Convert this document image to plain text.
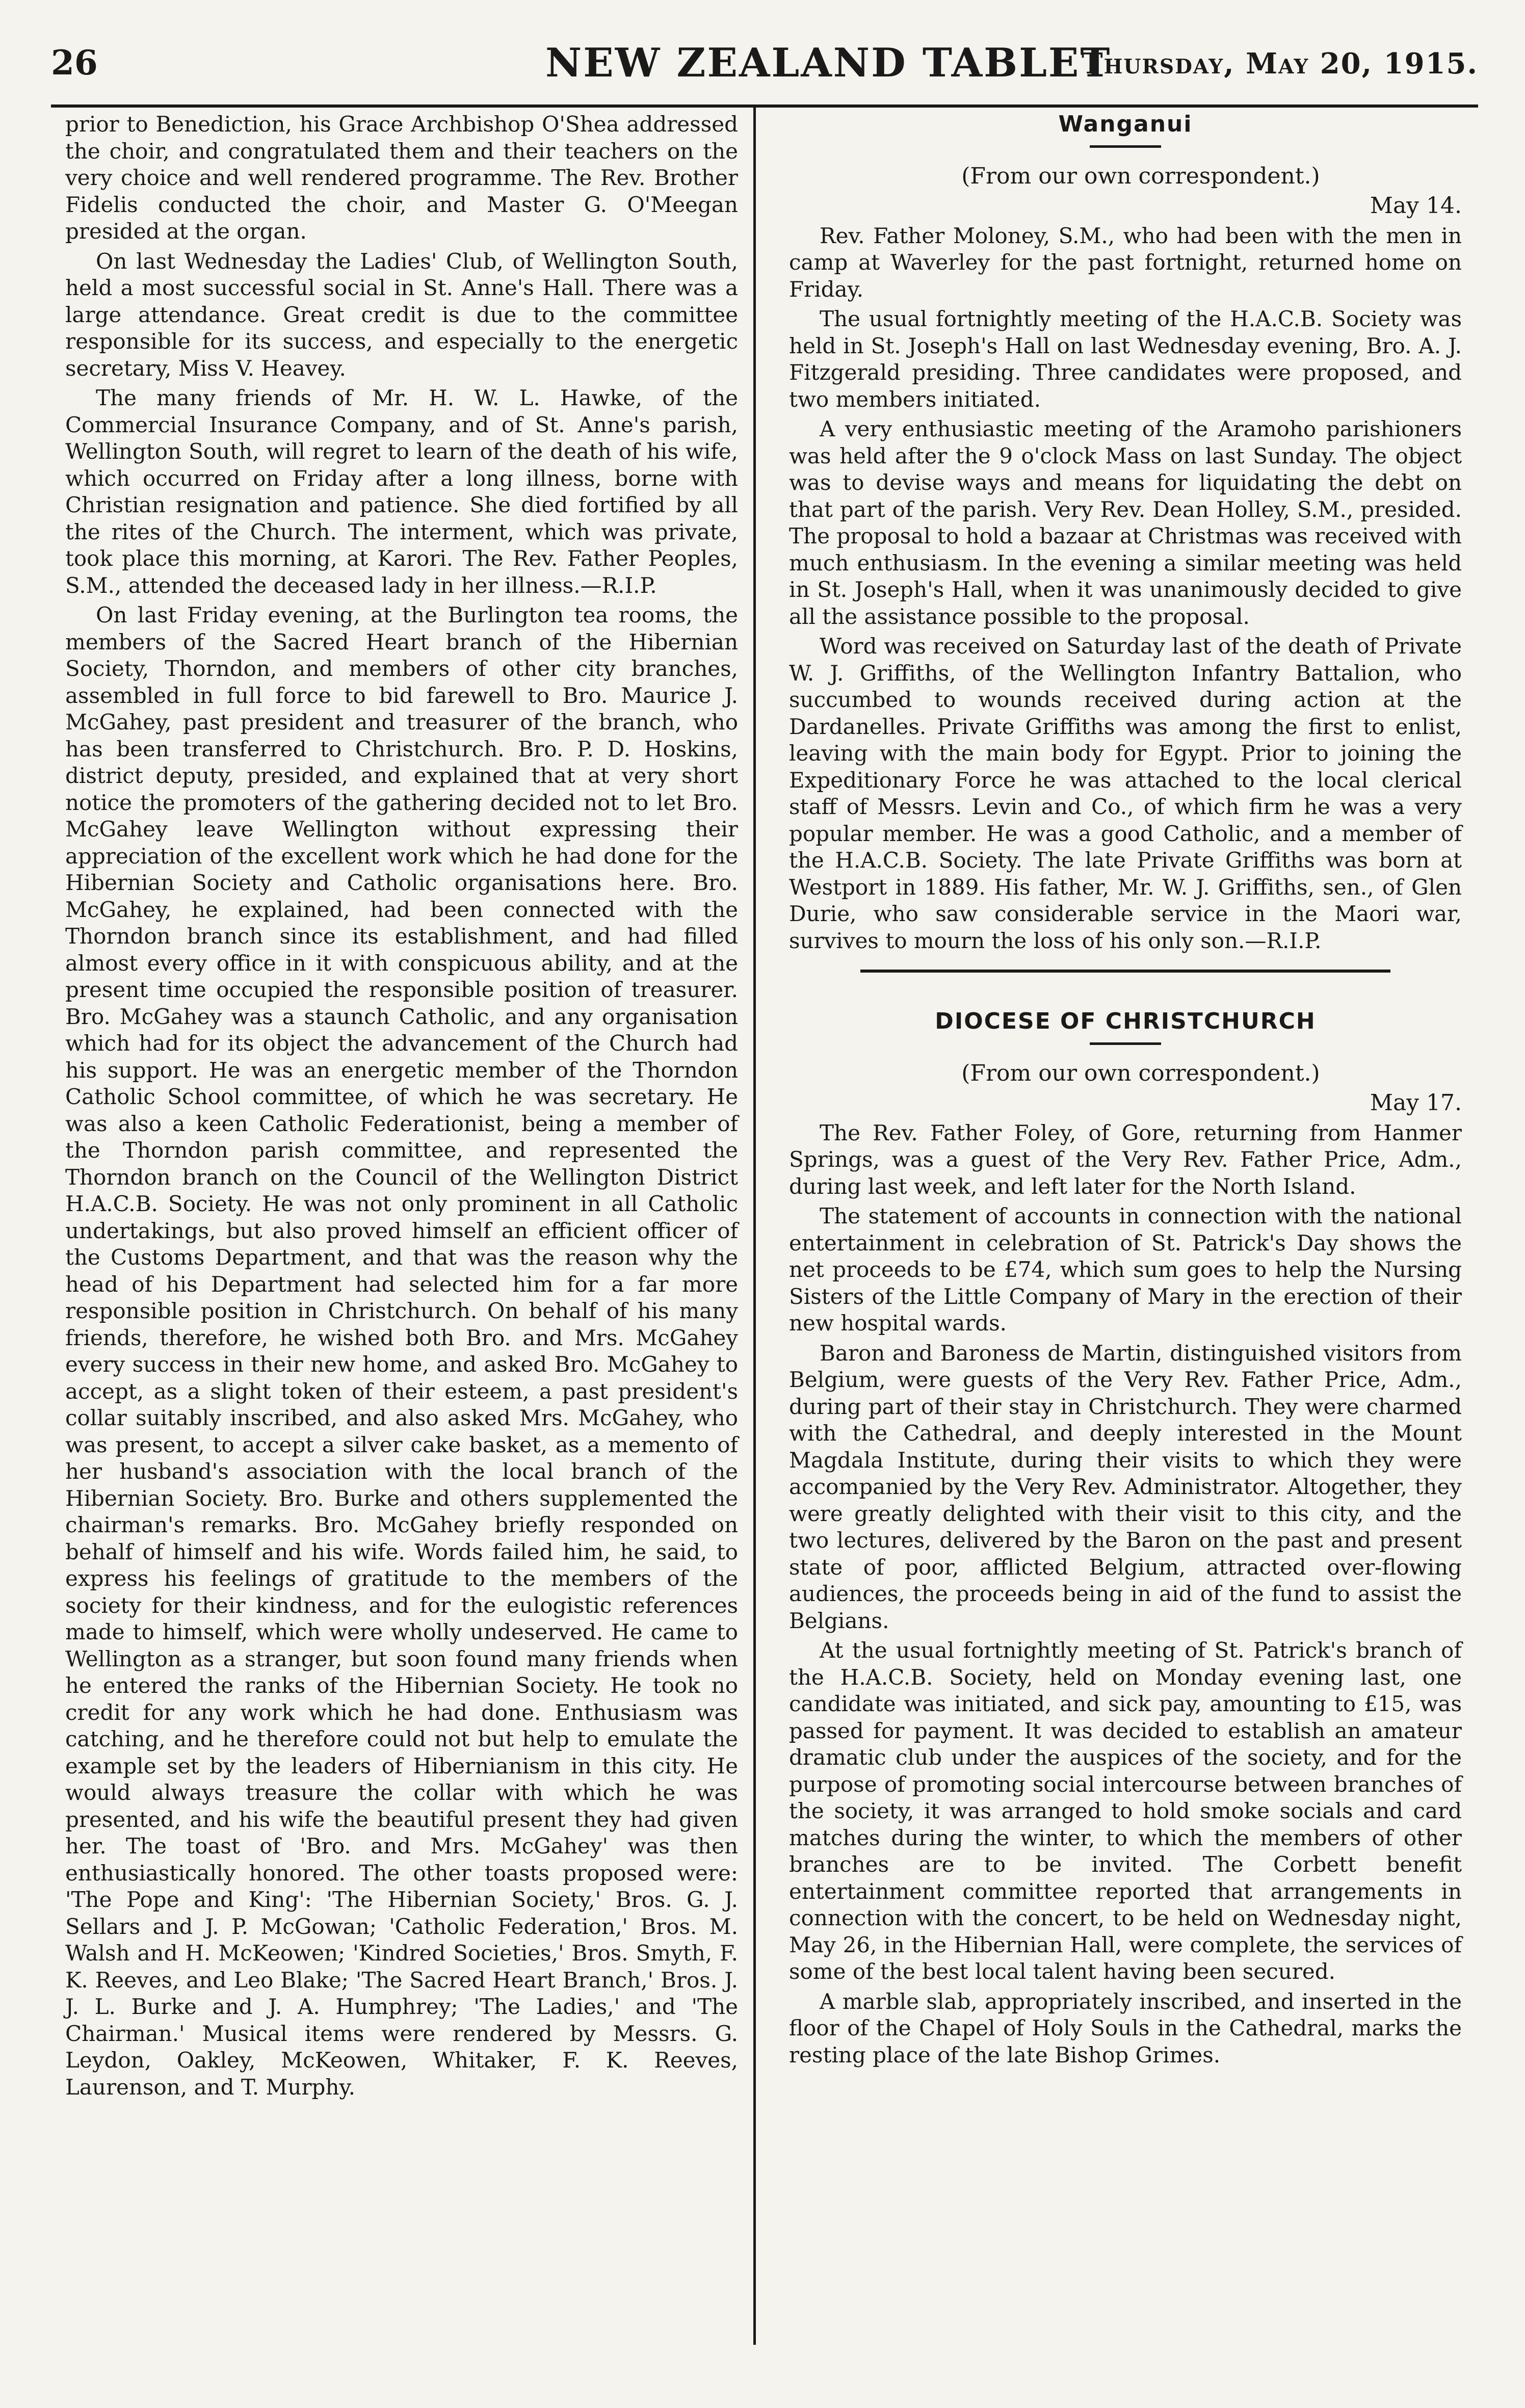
26	NEW ZEALAND TABLET
Thursday, May 20, 1915.

prior to Benediction, his Grace Archbishop O'Shea addressed the choir, and congratulated them and their teachers on the very choice and well rendered programme. The Rev. Brother Fidelis conducted the choir, and Master G. O'Meegan presided at the organ.

On last Wednesday the Ladies' Club, of Wellington South, held a most successful social in St. Anne's Hall. There was a large attendance. Great credit is due to the committee responsible for its success, and especially to the energetic secretary, Miss V. Heavey.

The many friends of Mr. H. W. L. Hawke, of the Commercial Insurance Company, and of St. Anne's parish, Wellington South, will regret to learn of the death of his wife, which occurred on Friday after a long illness, borne with Christian resignation and patience. She died fortified by all the rites of the Church. The interment, which was private, took place this morning, at Karori. The Rev. Father Peoples, S.M., attended the deceased lady in her illness.—R.I.P.

On last Friday evening, at the Burlington tea rooms, the members of the Sacred Heart branch of the Hibernian Society, Thorndon, and members of other city branches, assembled in full force to bid farewell to Bro. Maurice J. McGahey, past president and treasurer of the branch, who has been transferred to Christchurch. Bro. P. D. Hoskins, district deputy, presided, and explained that at very short notice the promoters of the gathering decided not to let Bro. McGahey leave Wellington without expressing their appreciation of the excellent work which he had done for the Hibernian Society and Catholic organisations here. Bro. McGahey, he explained, had been connected with the Thorndon branch since its establishment, and had filled almost every office in it with conspicuous ability, and at the present time occupied the responsible position of treasurer. Bro. McGahey was a staunch Catholic, and any organisation which had for its object the advancement of the Church had his support. He was an energetic member of the Thorndon Catholic School committee, of which he was secretary. He was also a keen Catholic Federationist, being a member of the Thorndon parish committee, and represented the Thorndon branch on the Council of the Wellington District H.A.C.B. Society. He was not only prominent in all Catholic undertakings, but also proved himself an efficient officer of the Customs Department, and that was the reason why the head of his Department had selected him for a far more responsible position in Christchurch. On behalf of his many friends, therefore, he wished both Bro. and Mrs. McGahey every success in their new home, and asked Bro. McGahey to accept, as a slight token of their esteem, a past president's collar suitably inscribed, and also asked Mrs. McGahey, who was present, to accept a silver cake basket, as a memento of her husband's association with the local branch of the Hibernian Society. Bro. Burke and others supplemented the chairman's remarks. Bro. McGahey briefly responded on behalf of himself and his wife. Words failed him, he said, to express his feelings of gratitude to the members of the society for their kindness, and for the eulogistic references made to himself, which were wholly undeserved. He came to Wellington as a stranger, but soon found many friends when he entered the ranks of the Hibernian Society. He took no credit for any work which he had done. Enthusiasm was catching, and he therefore could not but help to emulate the example set by the leaders of Hibernianism in this city. He would always treasure the collar with which he was presented, and his wife the beautiful present they had given her. The toast of 'Bro. and Mrs. McGahey' was then enthusiastically honored. The other toasts proposed were: 'The Pope and King': 'The Hibernian Society,' Bros. G. J. Sellars and J. P. McGowan; 'Catholic Federation,' Bros. M. Walsh and H. McKeowen; 'Kindred Societies,' Bros. Smyth, F. K. Reeves, and Leo Blake; 'The Sacred Heart Branch,' Bros. J. J. L. Burke and J. A. Humphrey; 'The Ladies,' and 'The Chairman.' Musical items were rendered by Messrs. G. Leydon, Oakley, McKeowen, Whitaker, F. K. Reeves, Laurenson, and T. Murphy.

Wanganui

(From our own correspondent.)

May 14.

Rev. Father Moloney, S.M., who had been with the men in camp at Waverley for the past fortnight, returned home on Friday.

The usual fortnightly meeting of the H.A.C.B. Society was held in St. Joseph's Hall on last Wednesday evening, Bro. A. J. Fitzgerald presiding. Three candidates were proposed, and two members initiated.

A very enthusiastic meeting of the Aramoho parishioners was held after the 9 o'clock Mass on last Sunday. The object was to devise ways and means for liquidating the debt on that part of the parish. Very Rev. Dean Holley, S.M., presided. The proposal to hold a bazaar at Christmas was received with much enthusiasm. In the evening a similar meeting was held in St. Joseph's Hall, when it was unanimously decided to give all the assistance possible to the proposal.

Word was received on Saturday last of the death of Private W. J. Griffiths, of the Wellington Infantry Battalion, who succumbed to wounds received during action at the Dardanelles. Private Griffiths was among the first to enlist, leaving with the main body for Egypt. Prior to joining the Expeditionary Force he was attached to the local clerical staff of Messrs. Levin and Co., of which firm he was a very popular member. He was a good Catholic, and a member of the H.A.C.B. Society. The late Private Griffiths was born at Westport in 1889. His father, Mr. W. J. Griffiths, sen., of Glen Durie, who saw considerable service in the Maori war, survives to mourn the loss of his only son.—R.I.P.

DIOCESE OF CHRISTCHURCH

(From our own correspondent.)

May 17.

The Rev. Father Foley, of Gore, returning from Hanmer Springs, was a guest of the Very Rev. Father Price, Adm., during last week, and left later for the North Island.

The statement of accounts in connection with the national entertainment in celebration of St. Patrick's Day shows the net proceeds to be £74, which sum goes to help the Nursing Sisters of the Little Company of Mary in the erection of their new hospital wards.

Baron and Baroness de Martin, distinguished visitors from Belgium, were guests of the Very Rev. Father Price, Adm., during part of their stay in Christchurch. They were charmed with the Cathedral, and deeply interested in the Mount Magdala Institute, during their visits to which they were accompanied by the Very Rev. Administrator. Altogether, they were greatly delighted with their visit to this city, and the two lectures, delivered by the Baron on the past and present state of poor, afflicted Belgium, attracted over-flowing audiences, the proceeds being in aid of the fund to assist the Belgians.

At the usual fortnightly meeting of St. Patrick's branch of the H.A.C.B. Society, held on Monday evening last, one candidate was initiated, and sick pay, amounting to £15, was passed for payment. It was decided to establish an amateur dramatic club under the auspices of the society, and for the purpose of promoting social intercourse between branches of the society, it was arranged to hold smoke socials and card matches during the winter, to which the members of other branches are to be invited. The Corbett benefit entertainment committee reported that arrangements in connection with the concert, to be held on Wednesday night, May 26, in the Hibernian Hall, were complete, the services of some of the best local talent having been secured.

A marble slab, appropriately inscribed, and inserted in the floor of the Chapel of Holy Souls in the Cathedral, marks the resting place of the late Bishop Grimes.
